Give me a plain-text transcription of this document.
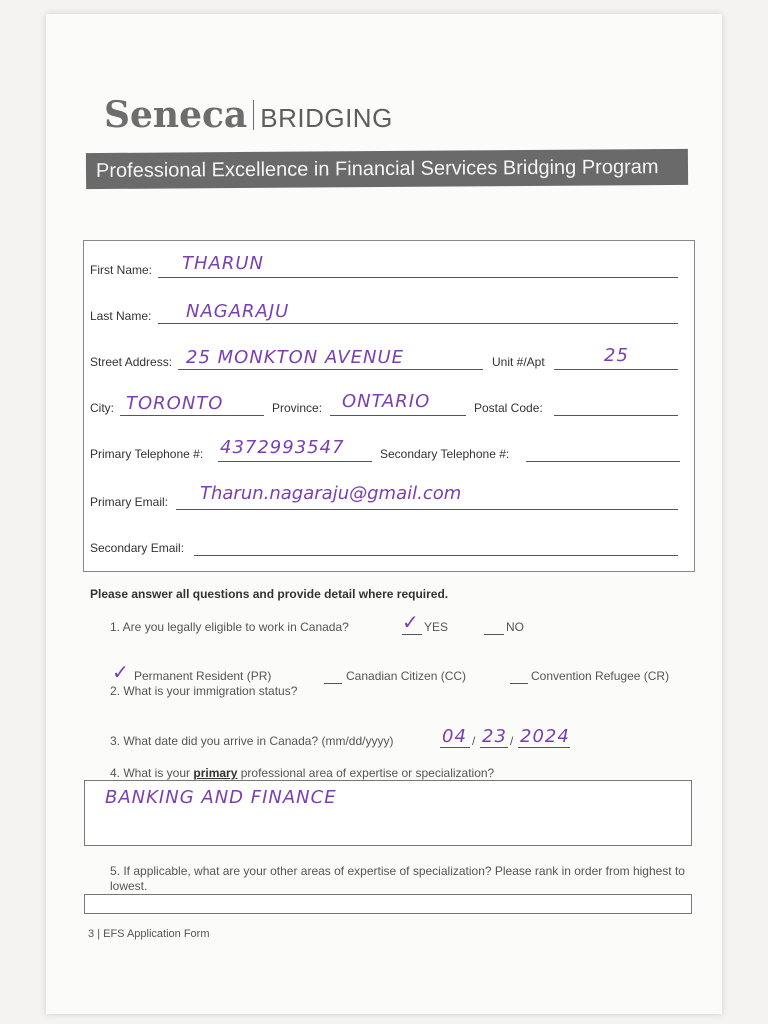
Seneca BRIDGING
Professional Excellence in Financial Services Bridging Program
First Name: THARUN
Last Name: NAGARAJU
Street Address: 25 MONKTON AVENUE	Unit #/Apt	25
City: TORONTO	Province: ONTARIO	Postal Code:
Primary Telephone #: 4372993547	Secondary Telephone #:
Primary Email: Tharun.nagaraju@gmail.com
Secondary Email:
Please answer all questions and provide detail where required.
1. Are you legally eligible to work in Canada?	✓ YES	NO
✓ Permanent Resident (PR)	Canadian Citizen (CC)	Convention Refugee (CR)
2. What is your immigration status?
3. What date did you arrive in Canada? (mm/dd/yyyy)	04 / 23 / 2024
4. What is your primary professional area of expertise or specialization?
BANKING AND FINANCE
5. If applicable, what are your other areas of expertise of specialization? Please rank in order from highest to lowest.
3 | EFS Application Form
